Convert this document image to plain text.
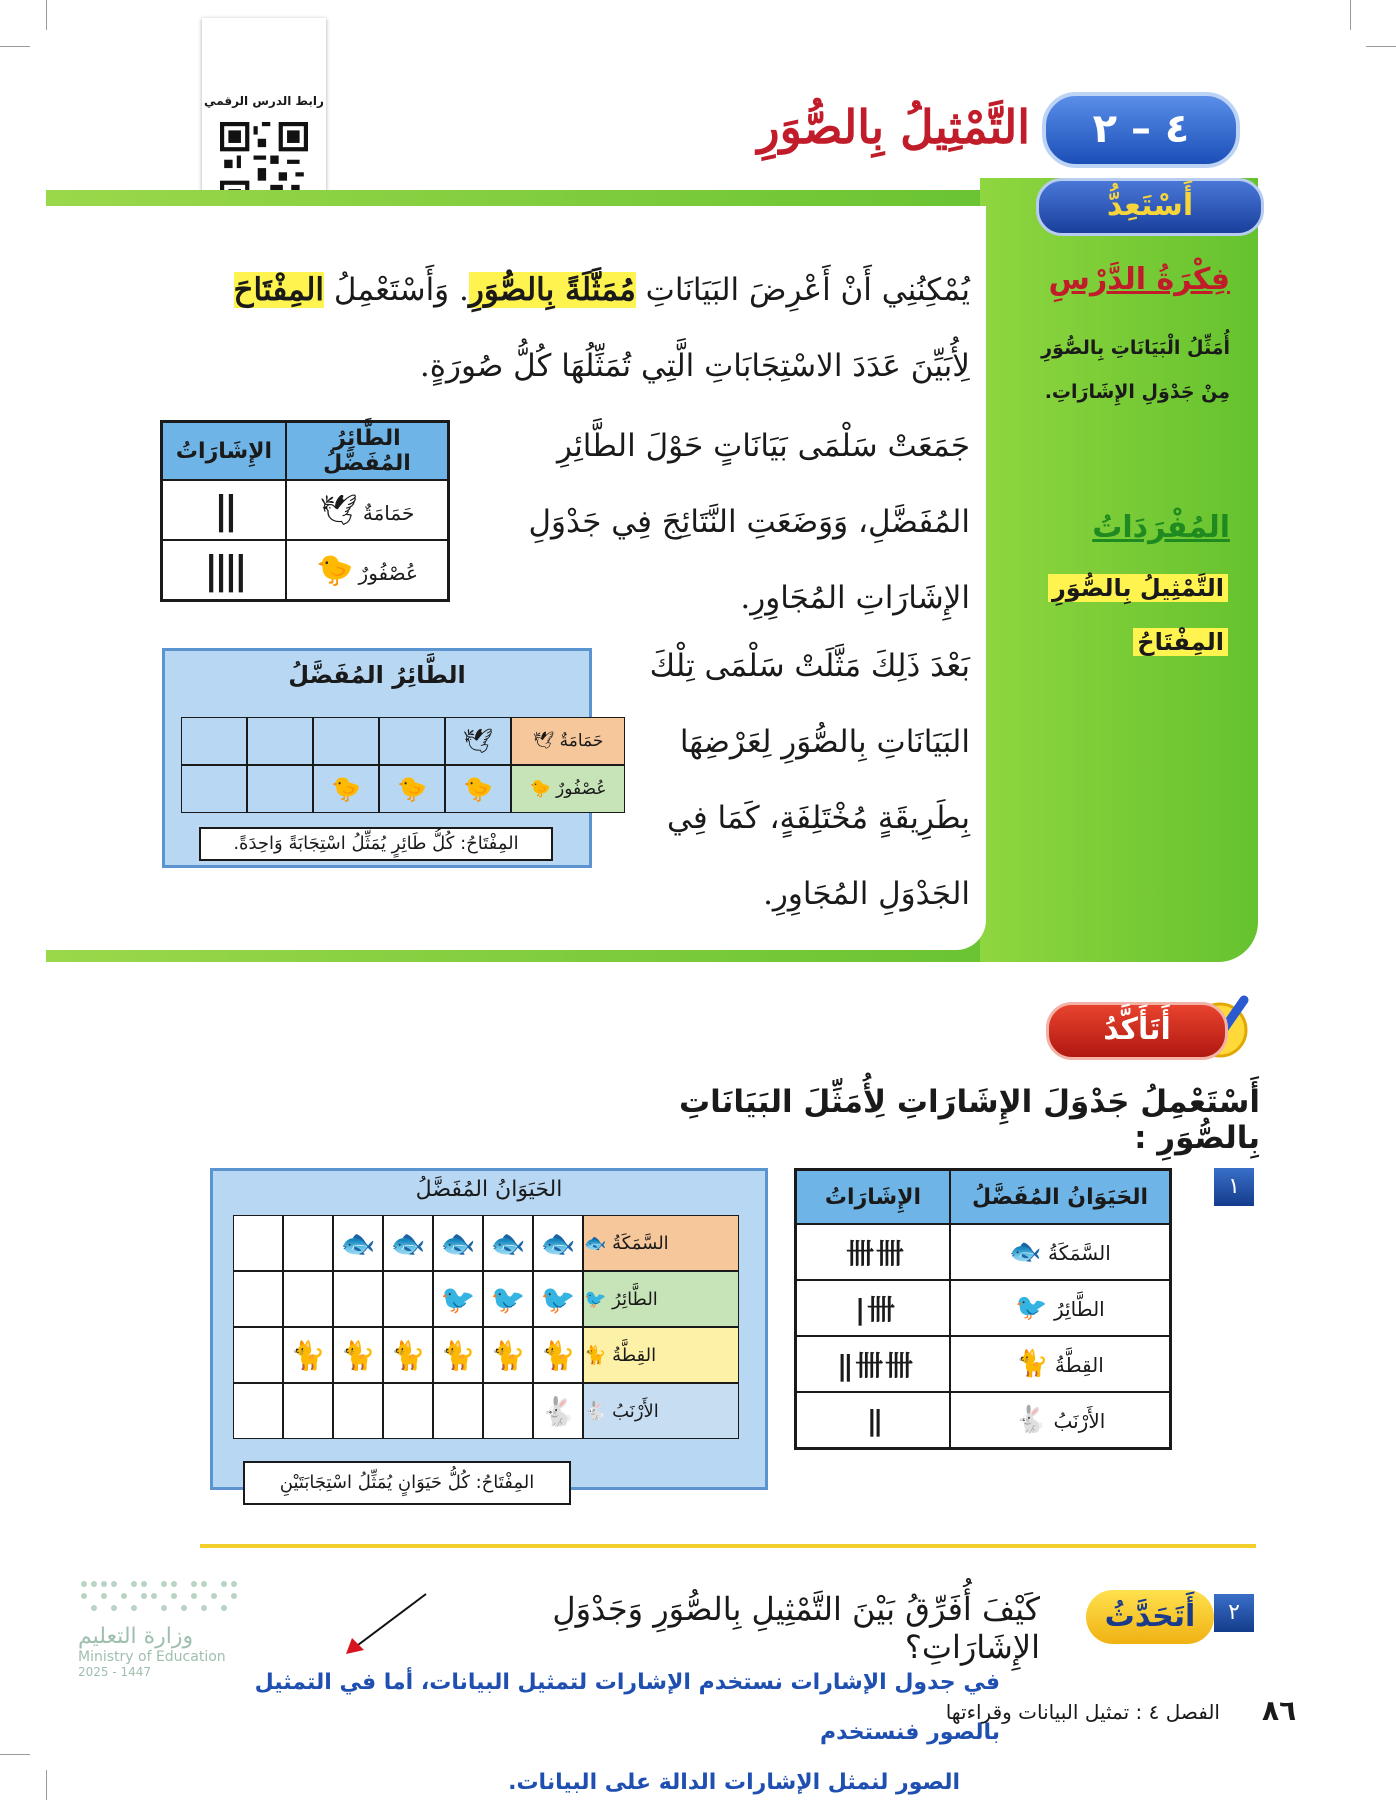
رابط الدرس الرقمي
٤ – ٢
التَّمْثِيلُ بِالصُّوَرِ
أَسْتَعِدُّ
فِكْرَةُ الدَّرْسِ
أُمَثِّلُ الْبَيَانَاتِ بِالصُّوَرِ مِنْ جَدْوَلِ الإِشَارَاتِ.
المُفْرَدَاتُ
التَّمْثِيلُ بِالصُّوَرِ
المِفْتَاحُ
يُمْكِنُنِي أَنْ أَعْرِضَ البَيَانَاتِ مُمَثَّلَةً بِالصُّوَرِ. وَأَسْتَعْمِلُ المِفْتَاحَ لِأُبَيِّنَ عَدَدَ الاسْتِجَابَاتِ الَّتِي تُمَثِّلُهَا كُلُّ صُورَةٍ.
جَمَعَتْ سَلْمَى بَيَانَاتٍ حَوْلَ الطَّائِرِ المُفَضَّلِ، وَوَضَعَتِ النَّتَائِجَ فِي جَدْوَلِ الإِشَارَاتِ المُجَاوِرِ.
بَعْدَ ذَلِكَ مَثَّلَتْ سَلْمَى تِلْكَ البَيَانَاتِ بِالصُّوَرِ لِعَرْضِهَا بِطَرِيقَةٍ مُخْتَلِفَةٍ، كَمَا فِي الجَدْوَلِ المُجَاوِرِ.
الطَّائِرُ المُفَضَّلُ	الإِشَارَاتُ
حَمَامَةٌ 🕊	||
عُصْفُورٌ 🐤	||||
الطَّائِرُ المُفَضَّلُ
🕊	حَمَامَةٌ 🕊
🐤	🐤	🐤	عُصْفُورٌ 🐤
المِفْتَاحُ: كُلُّ طَائِرٍ يُمَثِّلُ اسْتِجَابَةً وَاحِدَةً.
أَتَأَكَّدُ
أَسْتَعْمِلُ جَدْوَلَ الإِشَارَاتِ لِأُمَثِّلَ البَيَانَاتِ بِالصُّوَرِ :
١
الحَيَوَانُ المُفَضَّلُ	الإِشَارَاتُ
السَّمَكَةُ 🐟	卌 卌
الطَّائِرُ 🐦	卌 |
القِطَّةُ 🐈	卌 卌 ||
الأَرْنَبُ 🐇	||
الحَيَوَانُ المُفَضَّلُ
🐟 🐟 🐟 🐟 🐟 السَّمَكَةُ 🐟
🐦 🐦 🐦 الطَّائِرُ 🐦
🐈 🐈 🐈 🐈 🐈 🐈 القِطَّةُ 🐈
🐇 الأَرْنَبُ 🐇
المِفْتَاحُ: كُلُّ حَيَوَانٍ يُمَثِّلُ اسْتِجَابَتَيْنِ
٢
أَتَحَدَّثُ
كَيْفَ أُفَرِّقُ بَيْنَ التَّمْثِيلِ بِالصُّوَرِ وَجَدْوَلِ الإِشَارَاتِ؟
وزارة التعليم
Ministry of Education
2025 - 1447	في جدول الإشارات نستخدم الإشارات لتمثيل البيانات، أما في التمثيل بالصور فنستخدم
الصور لنمثل الإشارات الدالة على البيانات.
الفصل ٤ : تمثيل البيانات وقراءتها ٨٦
